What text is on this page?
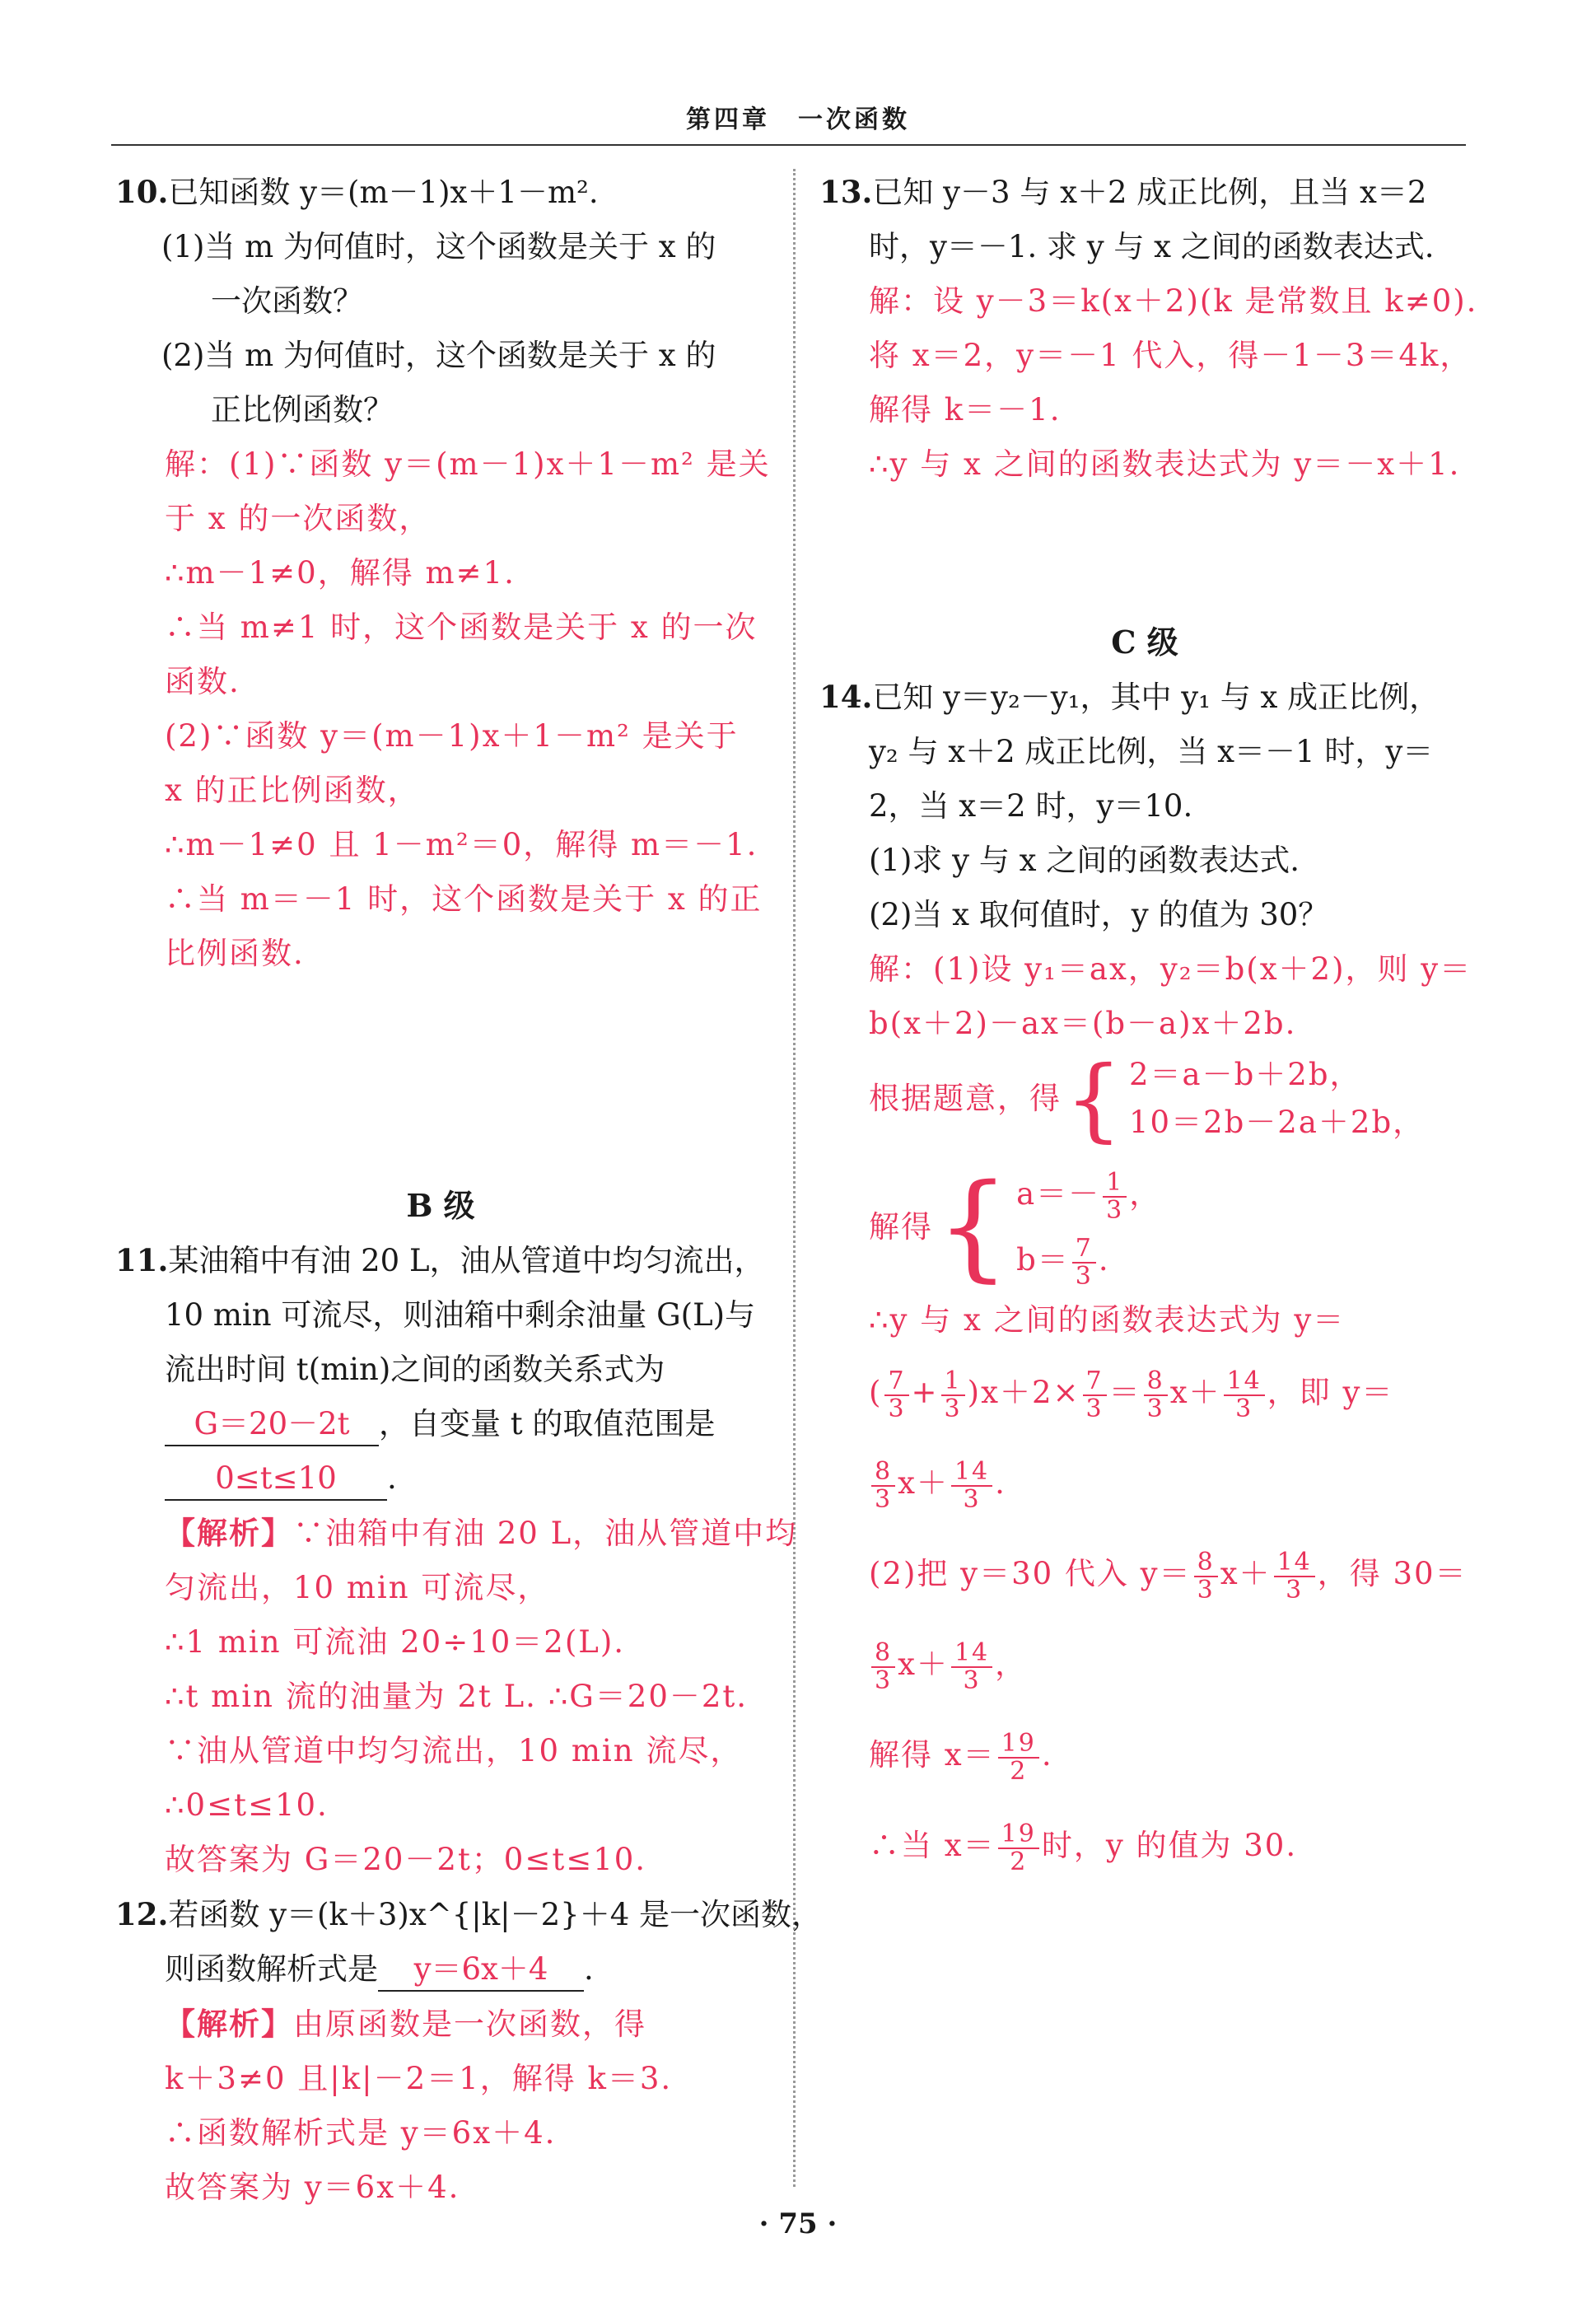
第四章　一次函数
10.已知函数 y＝(m－1)x＋1－m².
(1)当 m 为何值时，这个函数是关于 x 的
一次函数？
(2)当 m 为何值时，这个函数是关于 x 的
正比例函数？
解：(1)∵函数 y＝(m－1)x＋1－m² 是关
于 x 的一次函数，
∴m－1≠0，解得 m≠1.
∴当 m≠1 时，这个函数是关于 x 的一次
函数.
(2)∵函数 y＝(m－1)x＋1－m² 是关于
x 的正比例函数，
∴m－1≠0 且 1－m²＝0，解得 m＝－1.
∴当 m＝－1 时，这个函数是关于 x 的正
比例函数.
B 级
11.某油箱中有油 20 L，油从管道中均匀流出，
10 min 可流尽，则油箱中剩余油量 G(L)与
流出时间 t(min)之间的函数关系式为
G＝20－2t ，自变量 t 的取值范围是
0≤t≤10 .
【解析】∵油箱中有油 20 L，油从管道中均
匀流出，10 min 可流尽，
∴1 min 可流油 20÷10＝2(L).
∴t min 流的油量为 2t L. ∴G＝20－2t.
∵油从管道中均匀流出，10 min 流尽，
∴0≤t≤10.
故答案为 G＝20－2t；0≤t≤10.
12.若函数 y＝(k＋3)x^{|k|－2}＋4 是一次函数，
则函数解析式是 y＝6x＋4 .
【解析】由原函数是一次函数，得
k＋3≠0 且|k|－2＝1，解得 k＝3.
∴函数解析式是 y＝6x＋4.
故答案为 y＝6x＋4.
13.已知 y－3 与 x＋2 成正比例，且当 x＝2
时，y＝－1. 求 y 与 x 之间的函数表达式.
解：设 y－3＝k(x＋2)(k 是常数且 k≠0).
将 x＝2，y＝－1 代入，得－1－3＝4k，
解得 k＝－1.
∴y 与 x 之间的函数表达式为 y＝－x＋1.
C 级
14.已知 y＝y₂－y₁，其中 y₁ 与 x 成正比例，
y₂ 与 x＋2 成正比例，当 x＝－1 时，y＝
2，当 x＝2 时，y＝10.
(1)求 y 与 x 之间的函数表达式.
(2)当 x 取何值时，y 的值为 30？
解：(1)设 y₁＝ax，y₂＝b(x＋2)，则 y＝
b(x＋2)－ax＝(b－a)x＋2b.
根据题意，得 { 2＝a－b＋2b，
10＝2b－2a＋2b，
解得 { $a=- \frac{1}{3}$ ，
$b= \frac{7}{3}$ .
∴y 与 x 之间的函数表达式为 y＝
( $\frac{7}{3} + \frac{1}{3} )x+2\times \frac{7}{3} = \frac{8}{3} x+ \frac{14}{3}$ ，即 y＝
$\frac{8}{3} x+ \frac{14}{3}$ .
(2)把 y＝30 代入 $y= \frac{8}{3} x+ \frac{14}{3}$ ，得 30＝
$\frac{8}{3} x+ \frac{14}{3}$ ，
解得 $x= \frac{19}{2}$ .
∴当 $x= \frac{19}{2}$ 时，y 的值为 30.
· 75 ·
